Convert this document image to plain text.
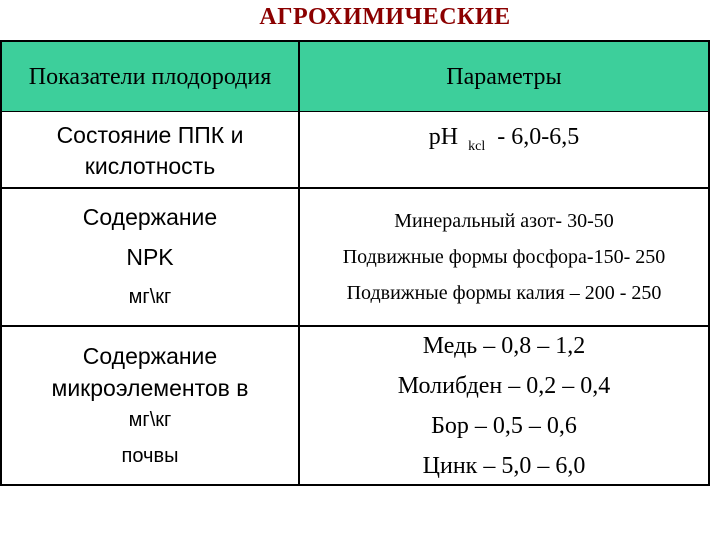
АГРОХИМИЧЕСКИЕ
Показатели плодородия	Параметры
Состояние ППК и
кислотность
pH $_{kcl}$ - 6,0-6,5
Содержание
NPK
мг\кг
Минеральный азот- 30-50
Подвижные формы фосфора-150- 250
Подвижные формы калия – 200 - 250
Содержание
микроэлементов в
мг\кг
почвы
Медь – 0,8 – 1,2
Молибден – 0,2 – 0,4
Бор – 0,5 – 0,6
Цинк – 5,0 – 6,0
